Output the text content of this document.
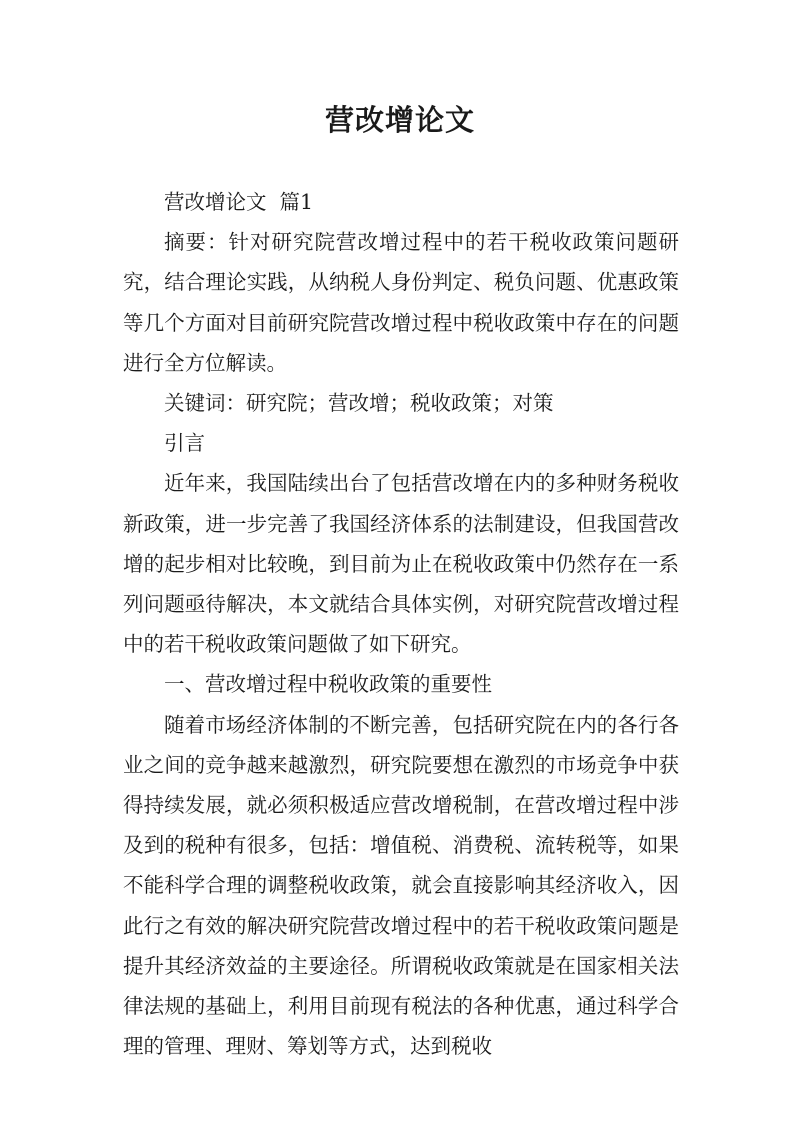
营改增论文

营改增论文  篇1

摘要：针对研究院营改增过程中的若干税收政策问题研究，结合理论实践，从纳税人身份判定、税负问题、优惠政策等几个方面对目前研究院营改增过程中税收政策中存在的问题进行全方位解读。

关键词：研究院；营改增；税收政策；对策

引言

近年来，我国陆续出台了包括营改增在内的多种财务税收新政策，进一步完善了我国经济体系的法制建设，但我国营改增的起步相对比较晚，到目前为止在税收政策中仍然存在一系列问题亟待解决，本文就结合具体实例，对研究院营改增过程中的若干税收政策问题做了如下研究。

一、营改增过程中税收政策的重要性

随着市场经济体制的不断完善，包括研究院在内的各行各业之间的竞争越来越激烈，研究院要想在激烈的市场竞争中获得持续发展，就必须积极适应营改增税制，在营改增过程中涉及到的税种有很多，包括：增值税、消费税、流转税等，如果不能科学合理的调整税收政策，就会直接影响其经济收入，因此行之有效的解决研究院营改增过程中的若干税收政策问题是提升其经济效益的主要途径。所谓税收政策就是在国家相关法律法规的基础上，利用目前现有税法的各种优惠，通过科学合理的管理、理财、筹划等方式，达到税收
